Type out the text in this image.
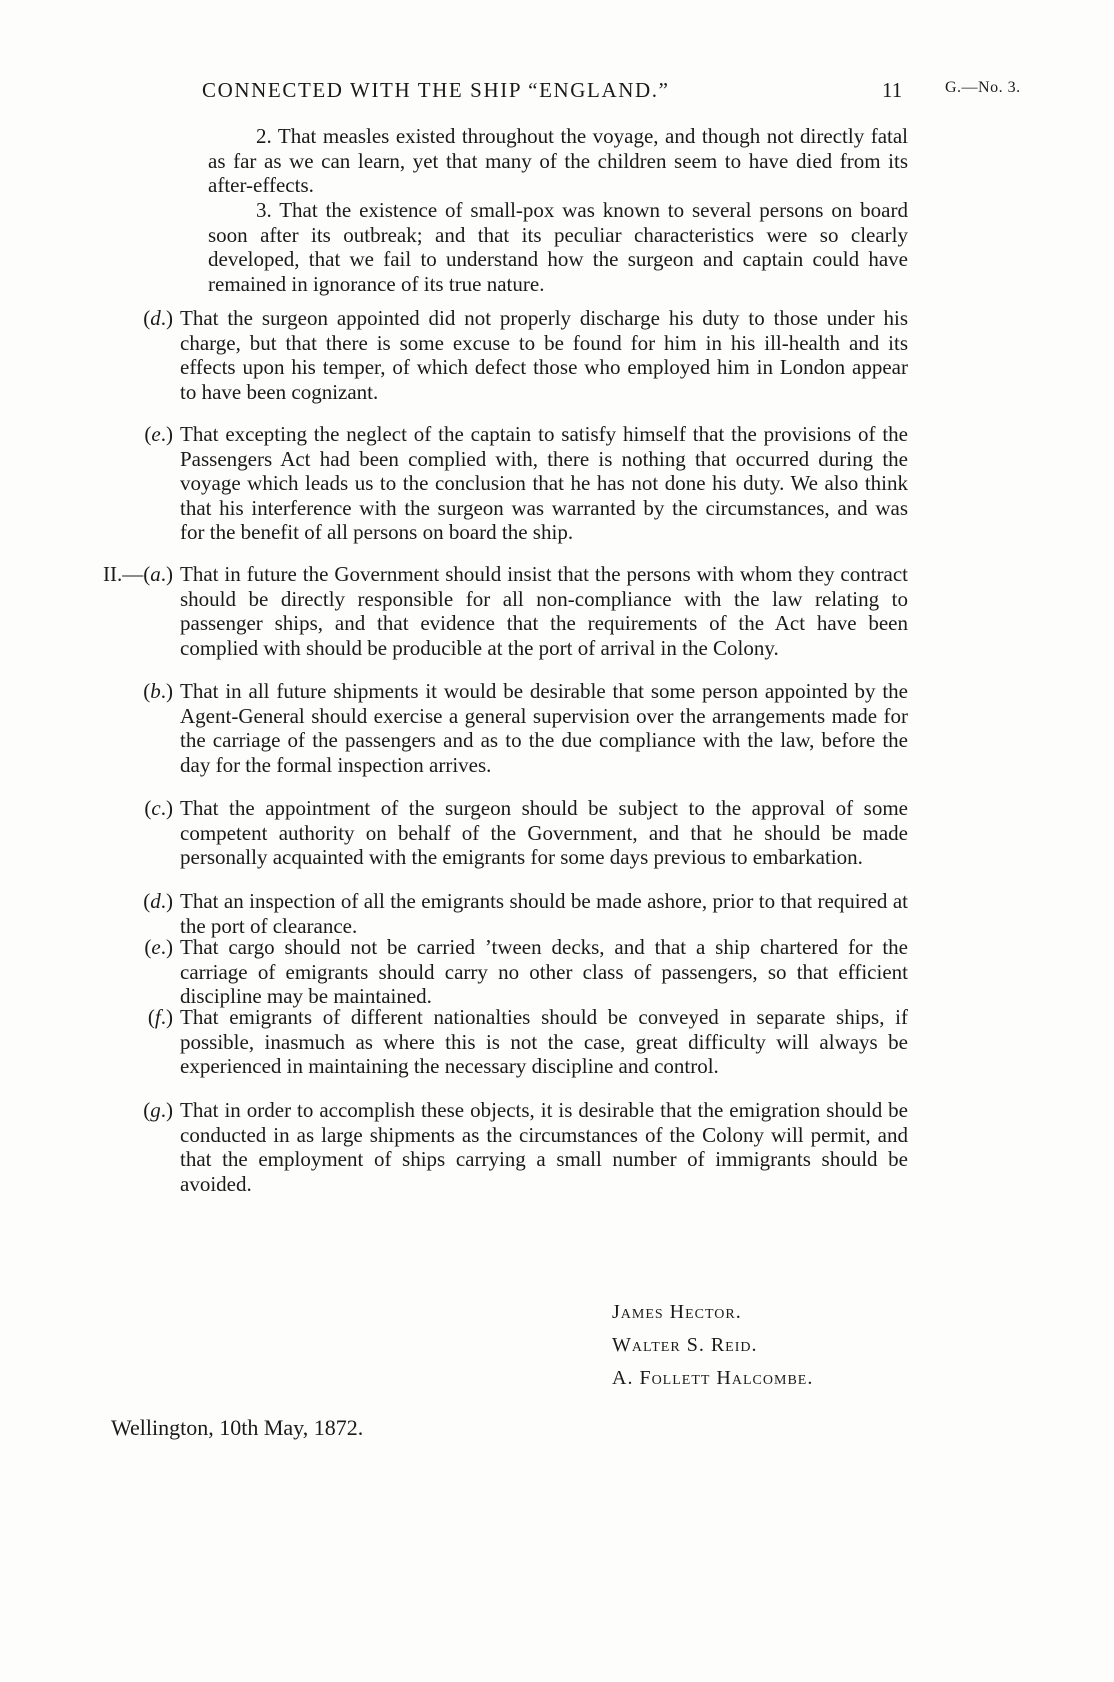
CONNECTED WITH THE SHIP “ENGLAND.”	11	G.—No. 3.
2. That measles existed throughout the voyage, and though not directly fatal as far as we can learn, yet that many of the children seem to have died from its after-effects.
3. That the existence of small-pox was known to several persons on board soon after its outbreak; and that its peculiar characteristics were so clearly developed, that we fail to understand how the surgeon and captain could have remained in ignorance of its true nature.
(d.) That the surgeon appointed did not properly discharge his duty to those under his charge, but that there is some excuse to be found for him in his ill-health and its effects upon his temper, of which defect those who employed him in London appear to have been cognizant.
(e.) That excepting the neglect of the captain to satisfy himself that the provisions of the Passengers Act had been complied with, there is nothing that occurred during the voyage which leads us to the conclusion that he has not done his duty. We also think that his interference with the surgeon was warranted by the circumstances, and was for the benefit of all persons on board the ship.
II.—(a.) That in future the Government should insist that the persons with whom they contract should be directly responsible for all non-compliance with the law relating to passenger ships, and that evidence that the requirements of the Act have been complied with should be producible at the port of arrival in the Colony.
(b.) That in all future shipments it would be desirable that some person appointed by the Agent-General should exercise a general supervision over the arrangements made for the carriage of the passengers and as to the due compliance with the law, before the day for the formal inspection arrives.
(c.) That the appointment of the surgeon should be subject to the approval of some competent authority on behalf of the Government, and that he should be made personally acquainted with the emigrants for some days previous to embarkation.
(d.) That an inspection of all the emigrants should be made ashore, prior to that required at the port of clearance.
(e.) That cargo should not be carried ’tween decks, and that a ship chartered for the carriage of emigrants should carry no other class of passengers, so that efficient discipline may be maintained.
(f.) That emigrants of different nationalties should be conveyed in separate ships, if possible, inasmuch as where this is not the case, great difficulty will always be experienced in maintaining the necessary discipline and control.
(g.) That in order to accomplish these objects, it is desirable that the emigration should be conducted in as large shipments as the circumstances of the Colony will permit, and that the employment of ships carrying a small number of immigrants should be avoided.
James Hector.
Walter S. Reid.
A. Follett Halcombe.
Wellington, 10th May, 1872.
